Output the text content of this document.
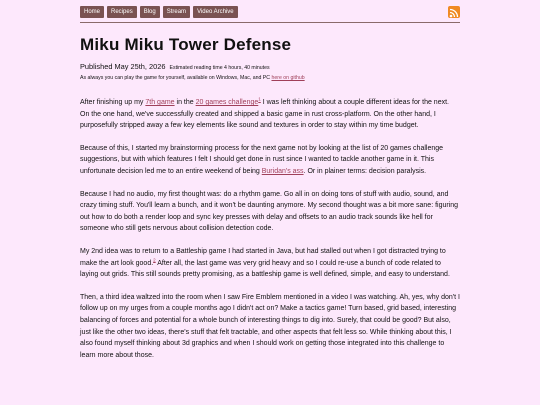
Home	Recipes	Blog	Stream	Video Archive
Miku Miku Tower Defense
Published May 25th, 2026 Estimated reading time 4 hours, 40 minutes
As always you can play the game for yourself, available on Windows, Mac, and PC here on github

After finishing up my 7th game in the 20 games challenge$^1$ I was left thinking about a couple different ideas for the next. On the one hand, we've successfully created and shipped a basic game in rust cross-platform. On the other hand, I purposefully stripped away a few key elements like sound and textures in order to stay within my time budget.

Because of this, I started my brainstorming process for the next game not by looking at the list of 20 games challenge suggestions, but with which features I felt I should get done in rust since I wanted to tackle another game in it. This unfortunate decision led me to an entire weekend of being Buridan's ass. Or in plainer terms: decision paralysis.

Because I had no audio, my first thought was: do a rhythm game. Go all in on doing tons of stuff with audio, sound, and crazy timing stuff. You'll learn a bunch, and it won't be daunting anymore. My second thought was a bit more sane: figuring out how to do both a render loop and sync key presses with delay and offsets to an audio track sounds like hell for someone who still gets nervous about collision detection code.

My 2nd idea was to return to a Battleship game I had started in Java, but had stalled out when I got distracted trying to make the art look good.$^2$ After all, the last game was very grid heavy and so I could re-use a bunch of code related to laying out grids. This still sounds pretty promising, as a battleship game is well defined, simple, and easy to understand.

Then, a third idea waltzed into the room when I saw Fire Emblem mentioned in a video I was watching. Ah, yes, why don't I follow up on my urges from a couple months ago I didn't act on? Make a tactics game! Turn based, grid based, interesting balancing of forces and potential for a whole bunch of interesting things to dig into. Surely, that could be good? But also, just like the other two ideas, there's stuff that felt tractable, and other aspects that felt less so. While thinking about this, I also found myself thinking about 3d graphics and when I should work on getting those integrated into this challenge to learn more about those.
